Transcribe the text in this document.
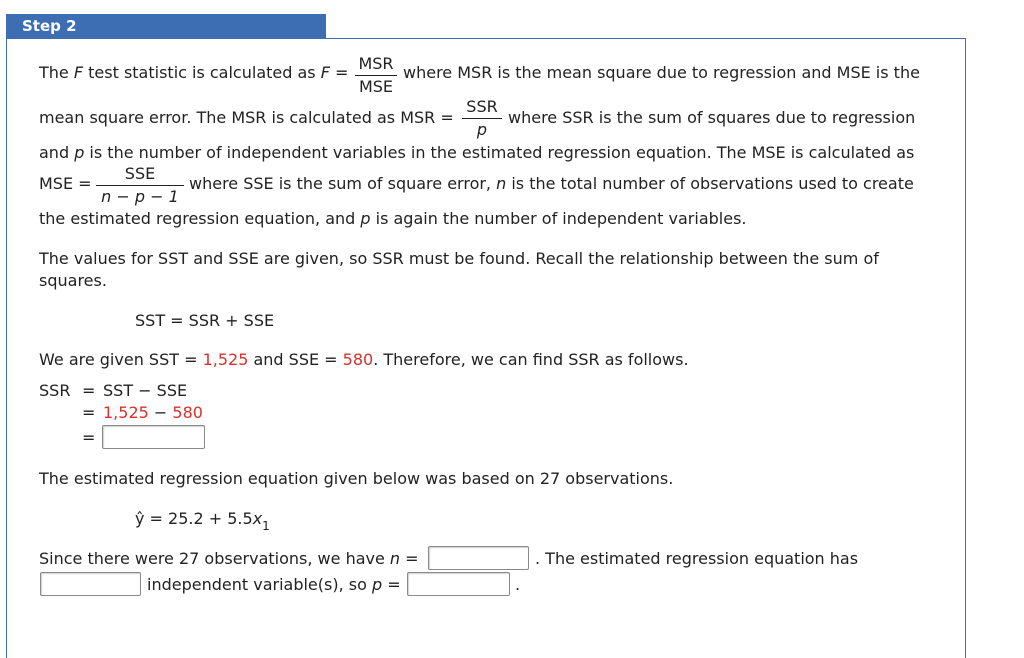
Step 2
The F test statistic is calculated as F = MSR
MSE
where MSR is the mean square due to regression and MSE is the
mean square error. The MSR is calculated as MSR =
SSR
p
where SSR is the sum of squares due to regression
and p is the number of independent variables in the estimated regression equation. The MSE is calculated as
MSE =
SSE
n − p − 1
where SSE is the sum of square error, n is the total number of observations used to create
the estimated regression equation, and p is again the number of independent variables.
The values for SST and SSE are given, so SSR must be found. Recall the relationship between the sum of
squares.
SST = SSR + SSE
We are given SST = 1,525 and SSE = 580. Therefore, we can find SSR as follows.
SSR = SST − SSE
= 1,525 − 580
=
The estimated regression equation given below was based on 27 observations.
ŷ = $25.2 + 5.5x_1$
Since there were 27 observations, we have n =	. The estimated regression equation has
independent variable(s), so p =	.
